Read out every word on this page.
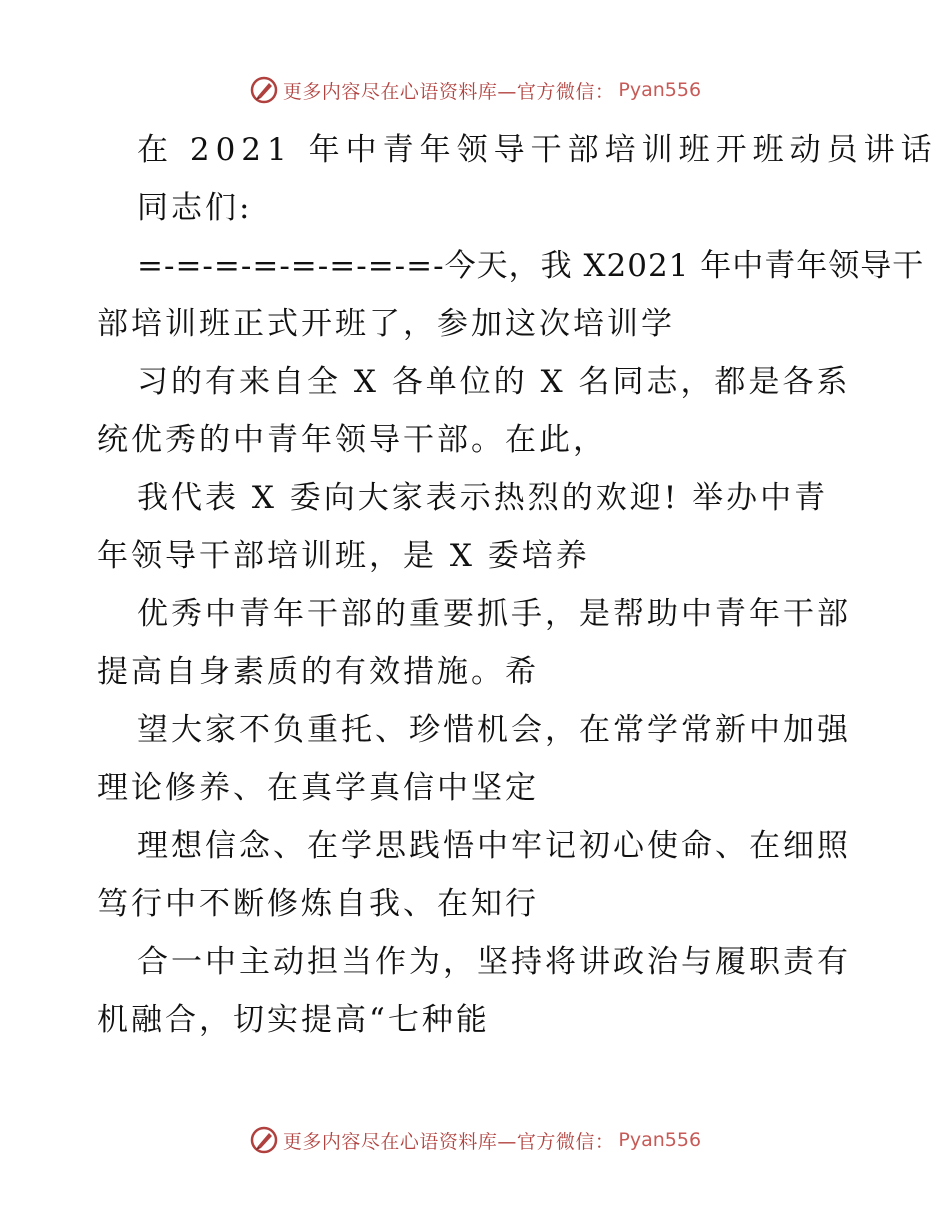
更多内容尽在心语资料库—官方微信： Pyan556
在 2021 年中青年领导干部培训班开班动员讲话
同志们:
=-=-=-=-=-=-=-=-今天，我 X2021 年中青年领导干
部培训班正式开班了，参加这次培训学
习的有来自全 X 各单位的 X 名同志，都是各系
统优秀的中青年领导干部。在此，
我代表 X 委向大家表示热烈的欢迎! 举办中青
年领导干部培训班，是 X 委培养
优秀中青年干部的重要抓手，是帮助中青年干部
提高自身素质的有效措施。希
望大家不负重托、珍惜机会，在常学常新中加强
理论修养、在真学真信中坚定
理想信念、在学思践悟中牢记初心使命、在细照
笃行中不断修炼自我、在知行
合一中主动担当作为，坚持将讲政治与履职责有
机融合，切实提高“七种能
更多内容尽在心语资料库—官方微信： Pyan556
